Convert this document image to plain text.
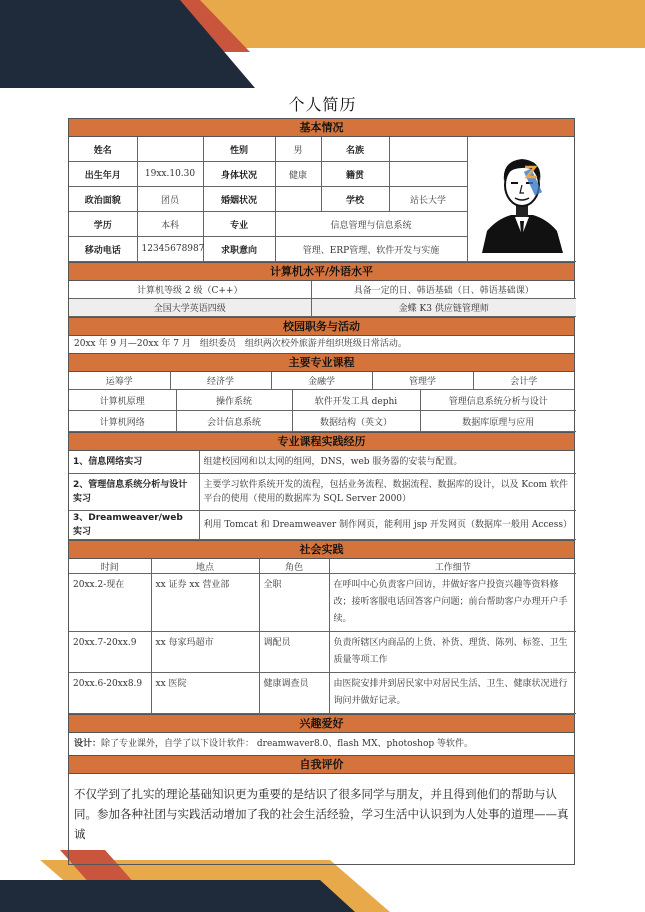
个人简历
基本情况
姓名		性别	男	名族		
出生年月	19xx.10.30	身体状况	健康	籍贯		
政治面貌	团员	婚姻状况		学校	站长大学	
学历	本科	专业	信息管理与信息系统			
移动电话	12345678987	求职意向	管理、ERP管理、软件开发与实施			
计算机水平/外语水平
计算机等级 2 级（C++）	具备一定的日、韩语基础（日、韩语基础课）
全国大学英语四级	金蝶 K3 供应链管理师
校园职务与活动
20xx 年 9 月—20xx 年 7 月　组织委员　组织两次校外旅游并组织班级日常活动。
主要专业课程
运筹学	经济学	金融学	管理学	会计学
计算机原理	操作系统	软件开发工具 dephi	管理信息系统分析与设计
计算机网络	会计信息系统	数据结构（英文）	数据库原理与应用
专业课程实践经历
1、信息网络实习	组建校园网和以太网的组网，DNS，web 服务器的安装与配置。
2、管理信息系统分析与设计实习	主要学习软件系统开发的流程，包括业务流程、数据流程、数据库的设计，以及 Kcom 软件平台的使用（使用的数据库为 SQL Server 2000）
3、Dreamweaver/web 实习	利用 Tomcat 和 Dreamweaver 制作网页，能利用 jsp 开发网页（数据库一般用 Access）
社会实践
时间	地点	角色	工作细节
20xx.2-现在	xx 证券 xx 营业部	全职	在呼叫中心负责客户回访，井做好客户投资兴趣等资料修改；接听客服电话回答客户问题；前台帮助客户办理开户手续。
20xx.7-20xx.9	xx 每家玛超市	调配员	负责所辖区内商品的上货、补货、理货、陈列、标签、卫生质量等项工作
20xx.6-20xx8.9	xx 医院	健康调查员	由医院安排并到居民家中对居民生活、卫生、健康状况进行询问并做好记录。
兴趣爱好
设计：除了专业课外，自学了以下设计软件： dreamwaver8.0、flash MX、photoshop 等软件。
自我评价
不仅学到了扎实的理论基础知识更为重要的是结识了很多同学与朋友，并且得到他们的帮助与认同。参加各种社团与实践活动增加了我的社会生活经验，学习生活中认识到为人处事的道理——真诚
